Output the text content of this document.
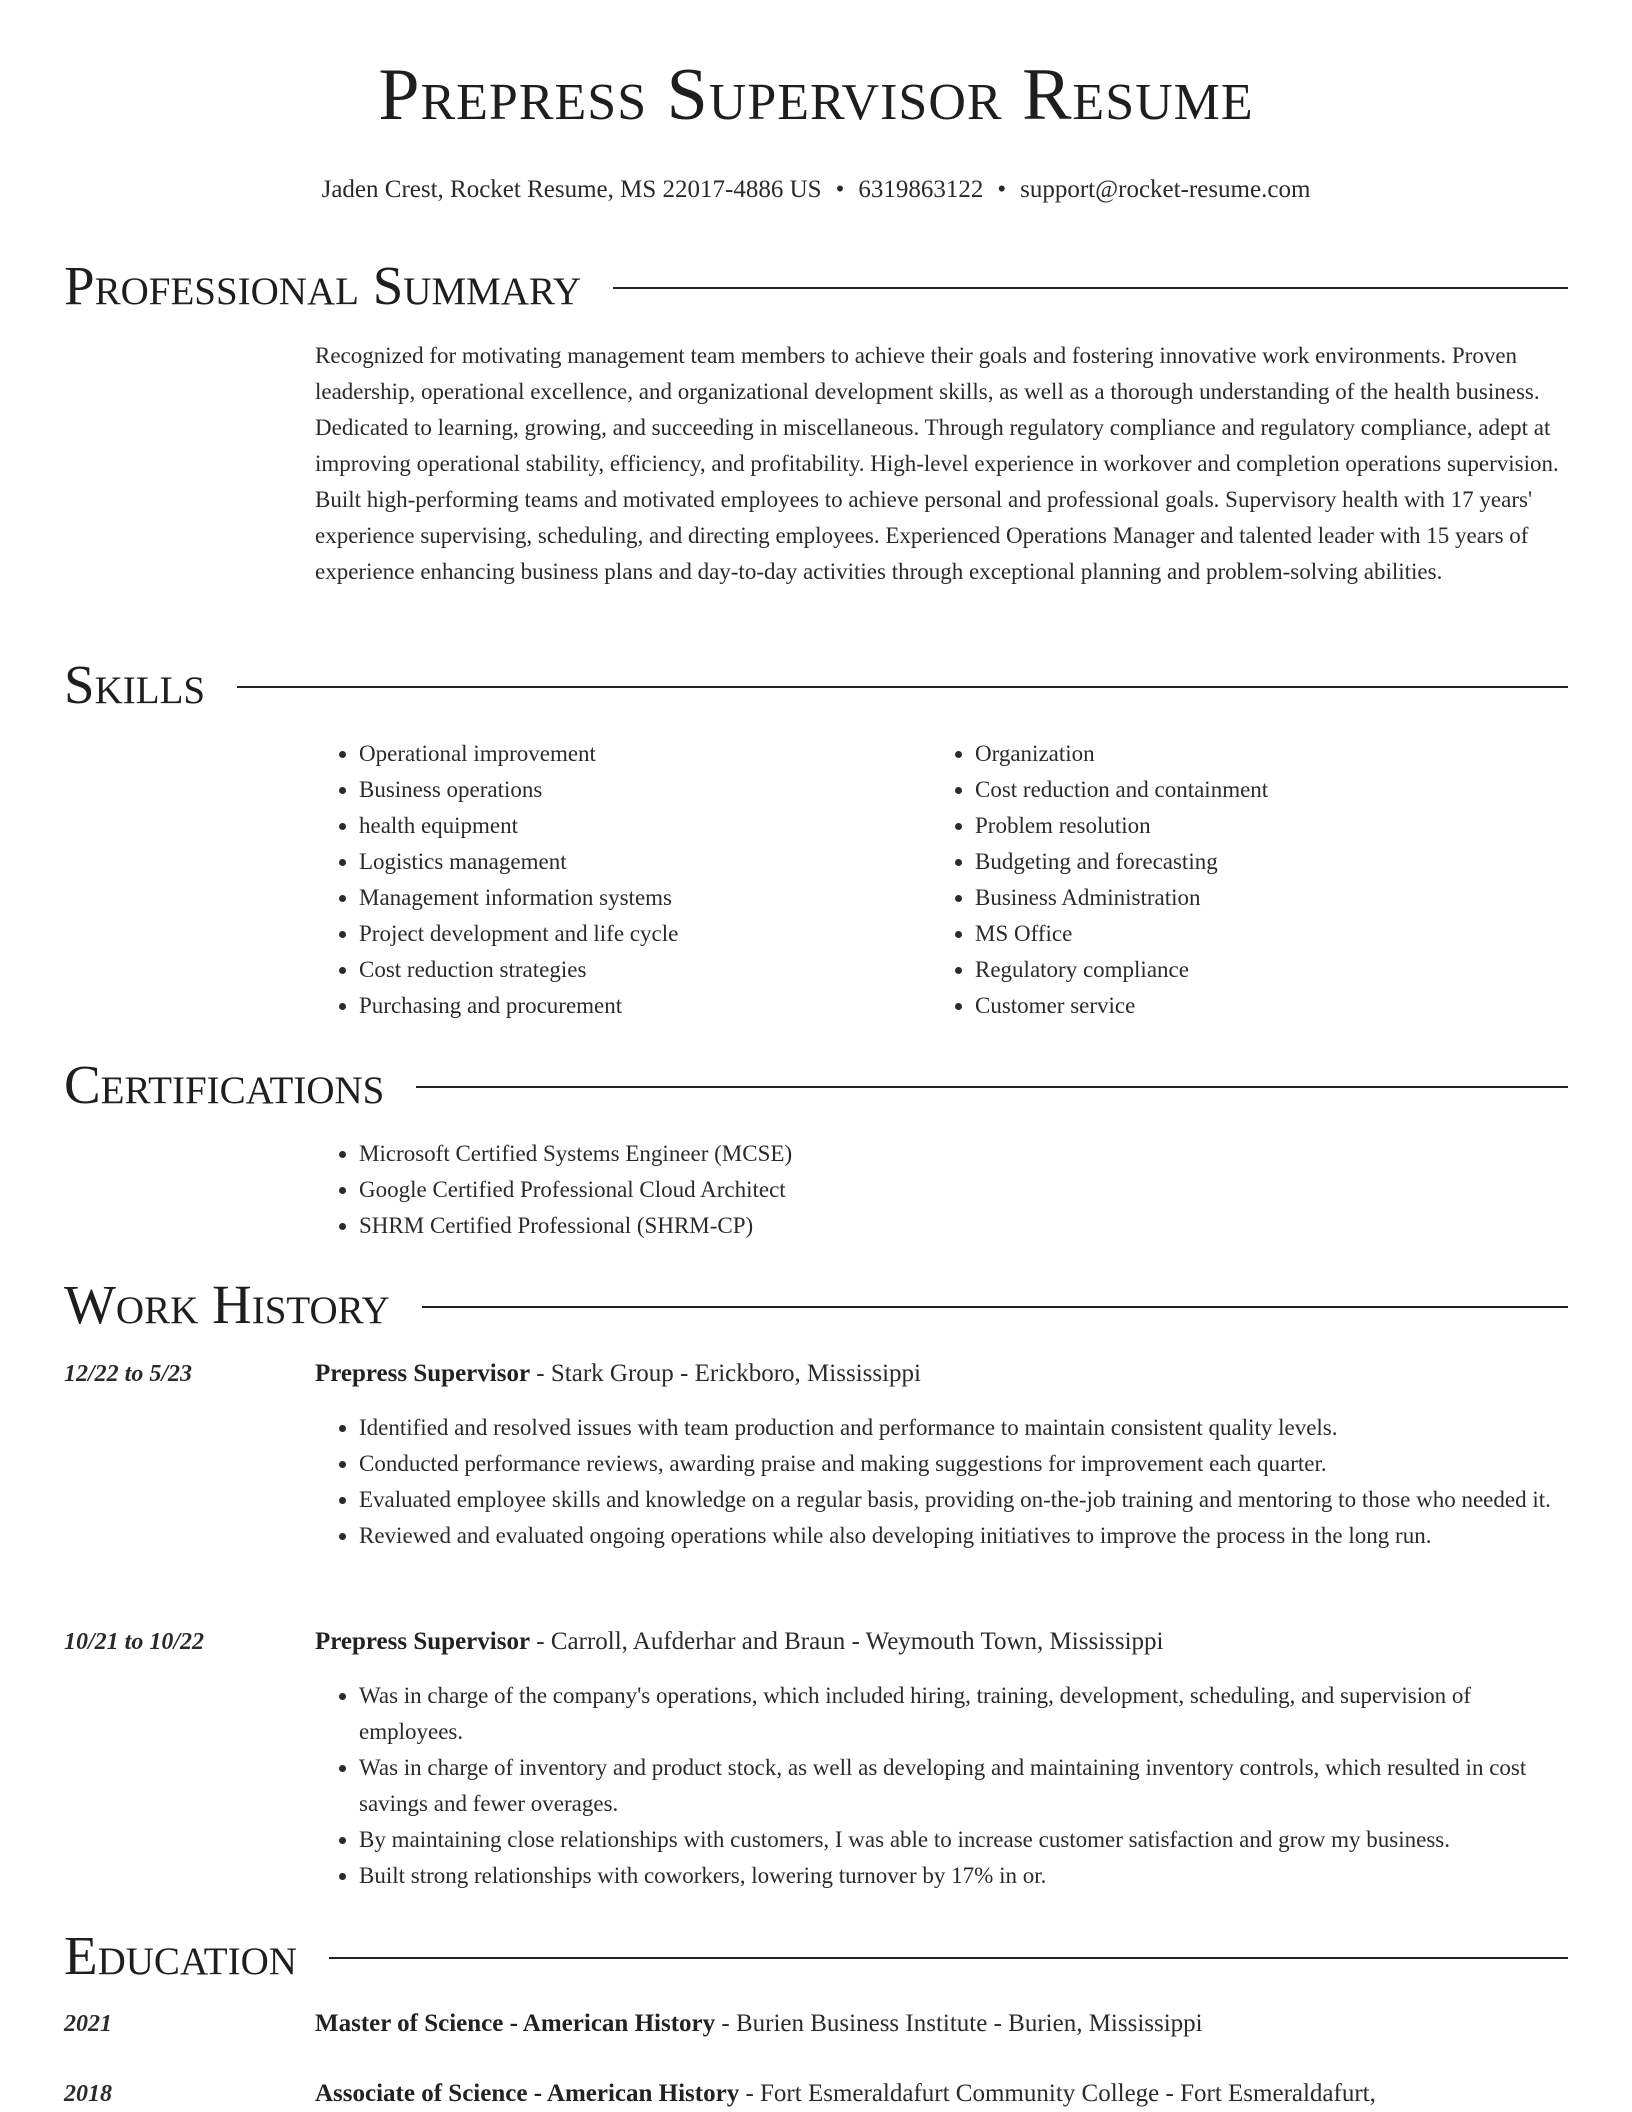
Prepress Supervisor Resume
Jaden Crest, Rocket Resume, MS 22017-4886 US • 6319863122 • support@rocket-resume.com
Professional Summary
Recognized for motivating management team members to achieve their goals and fostering innovative work environments. Proven leadership, operational excellence, and organizational development skills, as well as a thorough understanding of the health business. Dedicated to learning, growing, and succeeding in miscellaneous. Through regulatory compliance and regulatory compliance, adept at improving operational stability, efficiency, and profitability. High-level experience in workover and completion operations supervision. Built high-performing teams and motivated employees to achieve personal and professional goals. Supervisory health with 17 years' experience supervising, scheduling, and directing employees. Experienced Operations Manager and talented leader with 15 years of experience enhancing business plans and day-to-day activities through exceptional planning and problem-solving abilities.
Skills
• Operational improvement
• Business operations
• health equipment
• Logistics management
• Management information systems
• Project development and life cycle
• Cost reduction strategies
• Purchasing and procurement
• Organization
• Cost reduction and containment
• Problem resolution
• Budgeting and forecasting
• Business Administration
• MS Office
• Regulatory compliance
• Customer service
Certifications
• Microsoft Certified Systems Engineer (MCSE)
• Google Certified Professional Cloud Architect
• SHRM Certified Professional (SHRM-CP)
Work History
12/22 to 5/23	Prepress Supervisor - Stark Group - Erickboro, Mississippi
• Identified and resolved issues with team production and performance to maintain consistent quality levels.
• Conducted performance reviews, awarding praise and making suggestions for improvement each quarter.
• Evaluated employee skills and knowledge on a regular basis, providing on-the-job training and mentoring to those who needed it.
• Reviewed and evaluated ongoing operations while also developing initiatives to improve the process in the long run.
10/21 to 10/22	Prepress Supervisor - Carroll, Aufderhar and Braun - Weymouth Town, Mississippi
• Was in charge of the company's operations, which included hiring, training, development, scheduling, and supervision of employees.
• Was in charge of inventory and product stock, as well as developing and maintaining inventory controls, which resulted in cost savings and fewer overages.
• By maintaining close relationships with customers, I was able to increase customer satisfaction and grow my business.
• Built strong relationships with coworkers, lowering turnover by 17% in or.
Education
2021	Master of Science - American History - Burien Business Institute - Burien, Mississippi
2018	Associate of Science - American History - Fort Esmeraldafurt Community College - Fort Esmeraldafurt,
